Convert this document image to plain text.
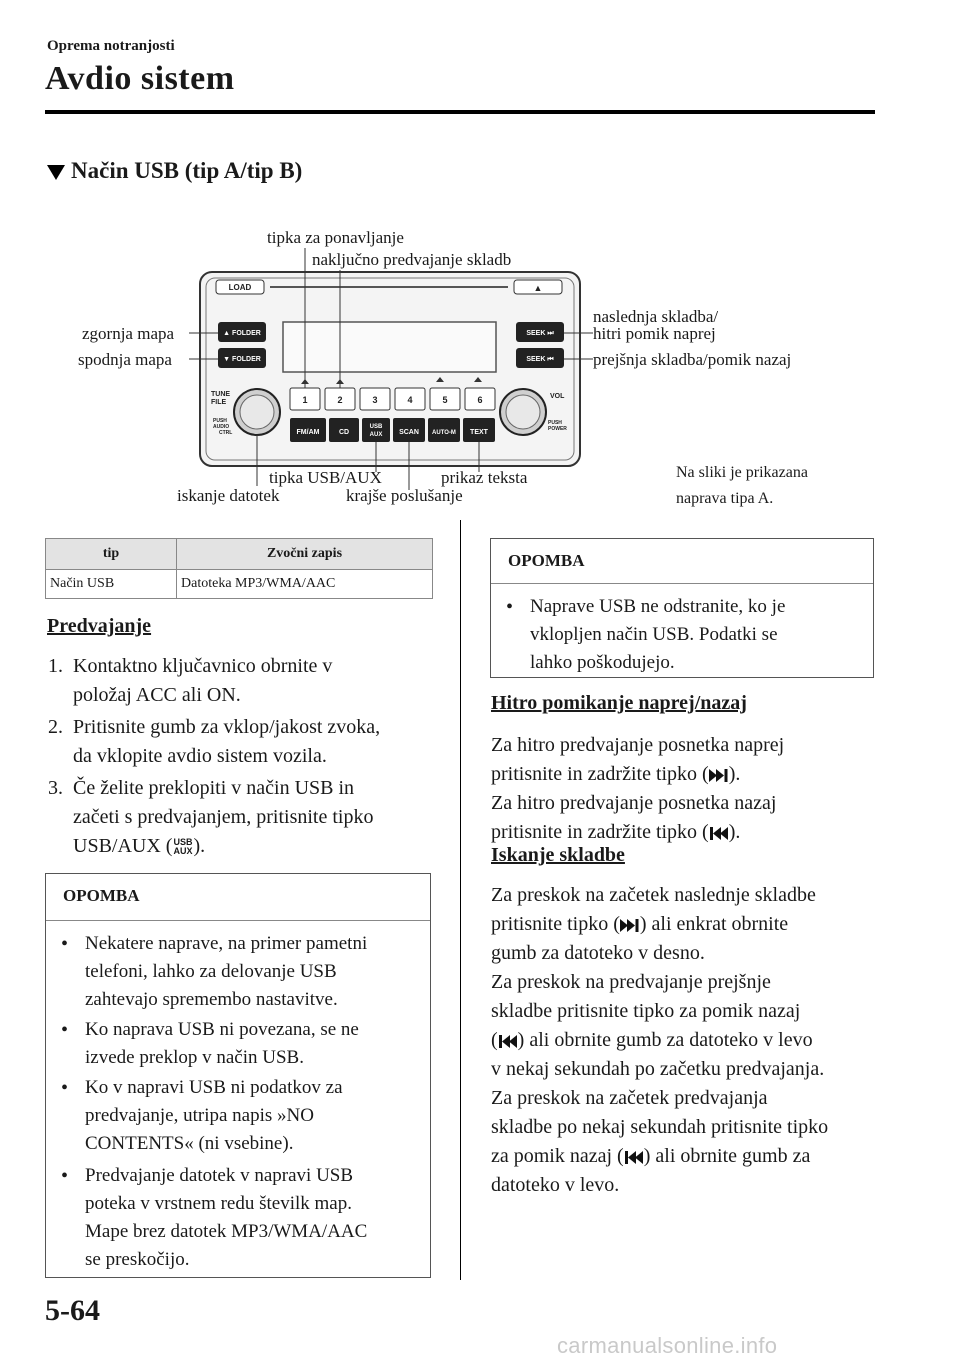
Oprema notranjosti
Avdio sistem
Način USB (tip A/tip B)
LOAD	▲
▲ FOLDER
▼ FOLDER
SEEK ⏭
SEEK ⏮
TUNE
FILE
PUSH
AUDIO
CTRL
VOL
PUSH
POWER
1	2	3	4	5	6
FM/AM	CD
USB
AUX SCAN AUTO-M TEXT
tipka za ponavljanje
naključno predvajanje skladb
zgornja mapa
spodnja mapa
naslednja skladba/
hitri pomik naprej
prejšnja skladba/pomik nazaj
tipka USB/AUX	prikaz teksta
iskanje datotek	krajše poslušanje
Na sliki je prikazana
naprava tipa A.
tip	Zvočni zapis
Način USB	Datoteka MP3/WMA/AAC
Predvajanje
1. Kontaktno ključavnico obrnite v
položaj ACC ali ON.
2. Pritisnite gumb za vklop/jakost zvoka,
da vklopite avdio sistem vozila.
3. Če želite preklopiti v način USB in
začeti s predvajanjem, pritisnite tipko
USB/AUX ( USB
AUX ).
OPOMBA
• Nekatere naprave, na primer pametni
telefoni, lahko za delovanje USB
zahtevajo spremembo nastavitve.
• Ko naprava USB ni povezana, se ne
izvede preklop v način USB.
• Ko v napravi USB ni podatkov za
predvajanje, utripa napis »NO
CONTENTS« (ni vsebine).
• Predvajanje datotek v napravi USB
poteka v vrstnem redu številk map.
Mape brez datotek MP3/WMA/AAC
se preskočijo.
OPOMBA
• Naprave USB ne odstranite, ko je
vklopljen način USB. Podatki se
lahko poškodujejo.
Hitro pomikanje naprej/nazaj
Za hitro predvajanje posnetka naprej
pritisnite in zadržite tipko ( ).
Za hitro predvajanje posnetka nazaj
pritisnite in zadržite tipko ( ).
Iskanje skladbe
Za preskok na začetek naslednje skladbe
pritisnite tipko ( ) ali enkrat obrnite
gumb za datoteko v desno.
Za preskok na predvajanje prejšnje
skladbe pritisnite tipko za pomik nazaj
( ) ali obrnite gumb za datoteko v levo
v nekaj sekundah po začetku predvajanja.
Za preskok na začetek predvajanja
skladbe po nekaj sekundah pritisnite tipko
za pomik nazaj ( ) ali obrnite gumb za
datoteko v levo.
5-64
carmanualsonline.info
